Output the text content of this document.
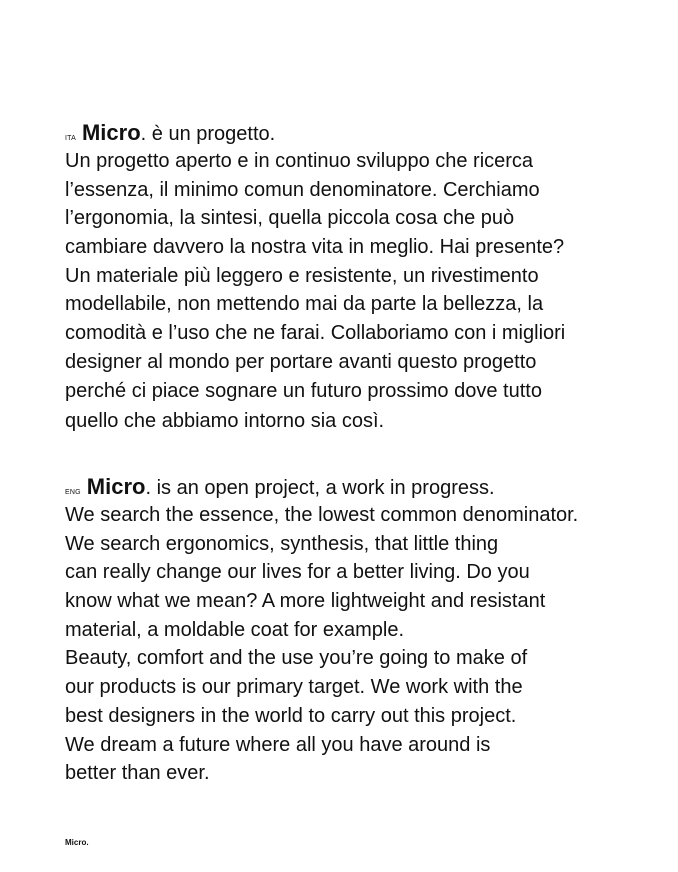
ITA Micro. è un progetto.
Un progetto aperto e in continuo sviluppo che ricerca
l’essenza, il minimo comun denominatore. Cerchiamo
l’ergonomia, la sintesi, quella piccola cosa che può
cambiare davvero la nostra vita in meglio. Hai presente?
Un materiale più leggero e resistente, un rivestimento
modellabile, non mettendo mai da parte la bellezza, la
comodità e l’uso che ne farai. Collaboriamo con i migliori
designer al mondo per portare avanti questo progetto
perché ci piace sognare un futuro prossimo dove tutto
quello che abbiamo intorno sia così.
ENG Micro. is an open project, a work in progress.
We search the essence, the lowest common denominator.
We search ergonomics, synthesis, that little thing
can really change our lives for a better living. Do you
know what we mean? A more lightweight and resistant
material, a moldable coat for example.
Beauty, comfort and the use you’re going to make of
our products is our primary target. We work with the
best designers in the world to carry out this project.
We dream a future where all you have around is
better than ever.
Micro.
